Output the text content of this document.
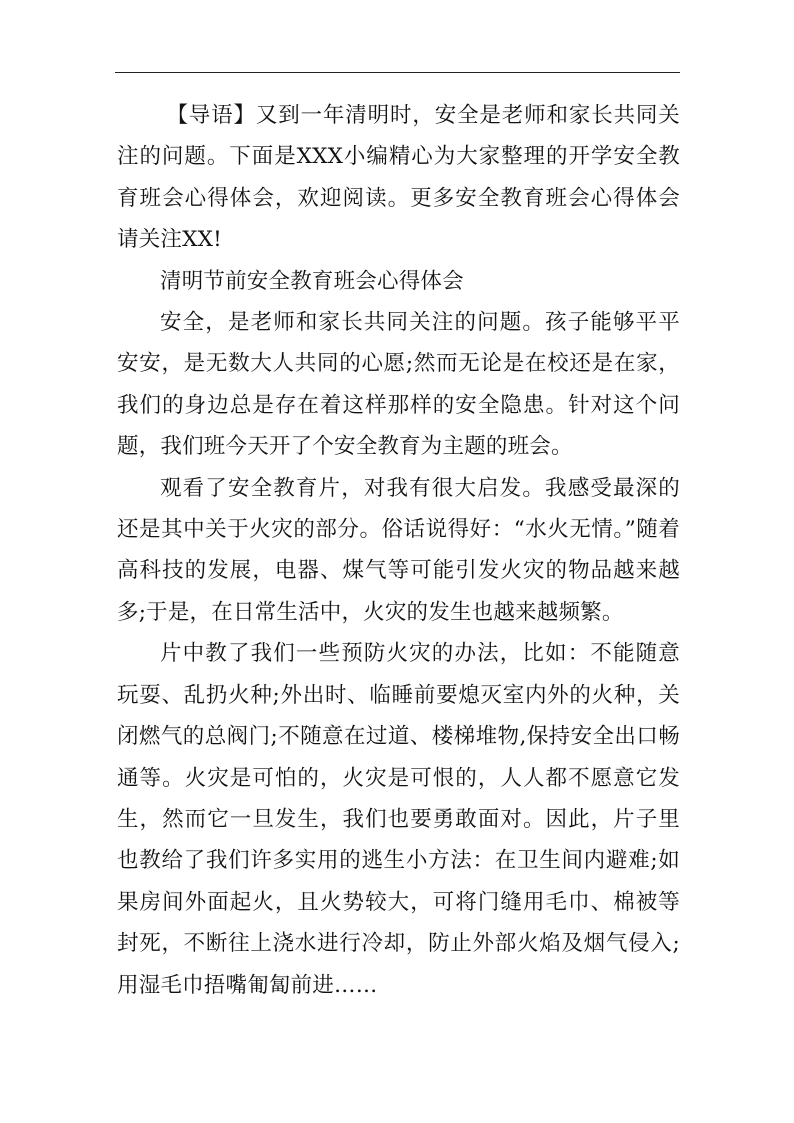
【导语】又到一年清明时，安全是老师和家长共同关注的问题。下面是XXX小编精心为大家整理的开学安全教育班会心得体会，欢迎阅读。更多安全教育班会心得体会请关注XX!

清明节前安全教育班会心得体会

安全，是老师和家长共同关注的问题。孩子能够平平安安，是无数大人共同的心愿;然而无论是在校还是在家，我们的身边总是存在着这样那样的安全隐患。针对这个问题，我们班今天开了个安全教育为主题的班会。

观看了安全教育片，对我有很大启发。我感受最深的还是其中关于火灾的部分。俗话说得好：“水火无情。”随着高科技的发展，电器、煤气等可能引发火灾的物品越来越多;于是，在日常生活中，火灾的发生也越来越频繁。

片中教了我们一些预防火灾的办法，比如：不能随意玩耍、乱扔火种;外出时、临睡前要熄灭室内外的火种，关闭燃气的总阀门;不随意在过道、楼梯堆物,保持安全出口畅通等。火灾是可怕的，火灾是可恨的，人人都不愿意它发生，然而它一旦发生，我们也要勇敢面对。因此，片子里也教给了我们许多实用的逃生小方法：在卫生间内避难;如果房间外面起火，且火势较大，可将门缝用毛巾、棉被等封死，不断往上浇水进行冷却，防止外部火焰及烟气侵入;用湿毛巾捂嘴匍匐前进……
